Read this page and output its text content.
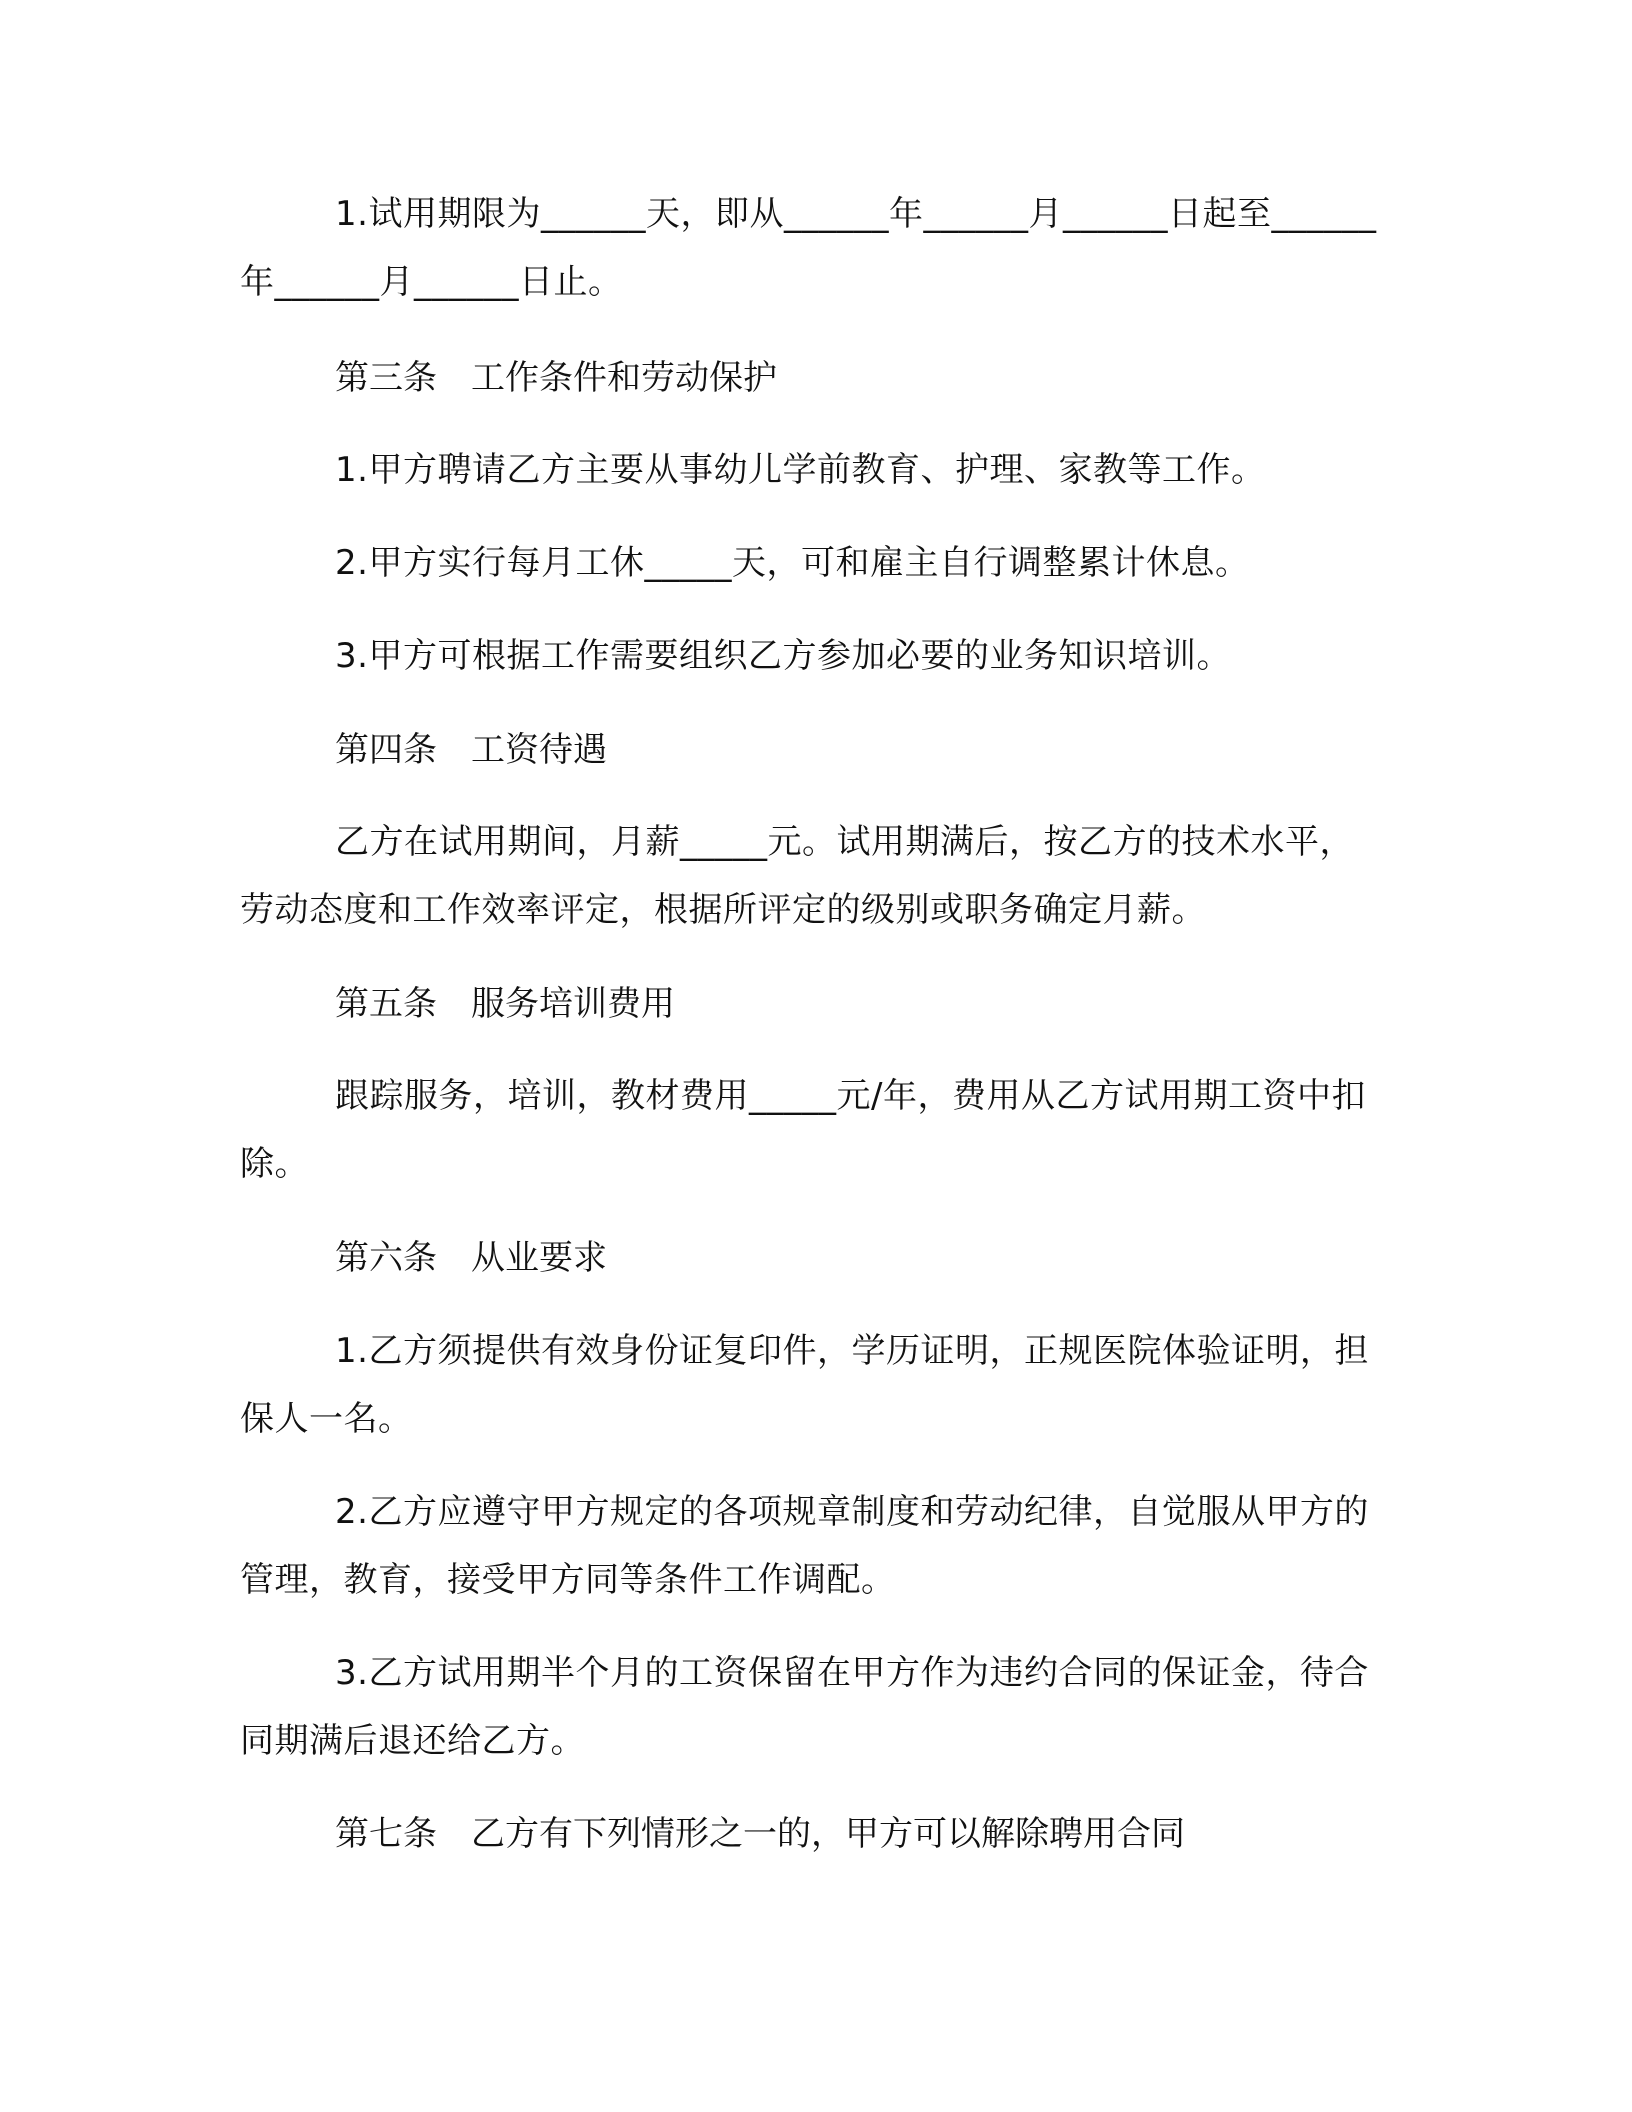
1.试用期限为______天，即从______年______月______日起至______年______月______日止。

第三条　工作条件和劳动保护

1.甲方聘请乙方主要从事幼儿学前教育、护理、家教等工作。

2.甲方实行每月工休_____天，可和雇主自行调整累计休息。

3.甲方可根据工作需要组织乙方参加必要的业务知识培训。

第四条　工资待遇

乙方在试用期间，月薪_____元。试用期满后，按乙方的技术水平，劳动态度和工作效率评定，根据所评定的级别或职务确定月薪。

第五条　服务培训费用

跟踪服务，培训，教材费用_____元/年，费用从乙方试用期工资中扣除。

第六条　从业要求

1.乙方须提供有效身份证复印件，学历证明，正规医院体验证明，担保人一名。

2.乙方应遵守甲方规定的各项规章制度和劳动纪律，自觉服从甲方的管理，教育，接受甲方同等条件工作调配。

3.乙方试用期半个月的工资保留在甲方作为违约合同的保证金，待合同期满后退还给乙方。

第七条　乙方有下列情形之一的，甲方可以解除聘用合同
